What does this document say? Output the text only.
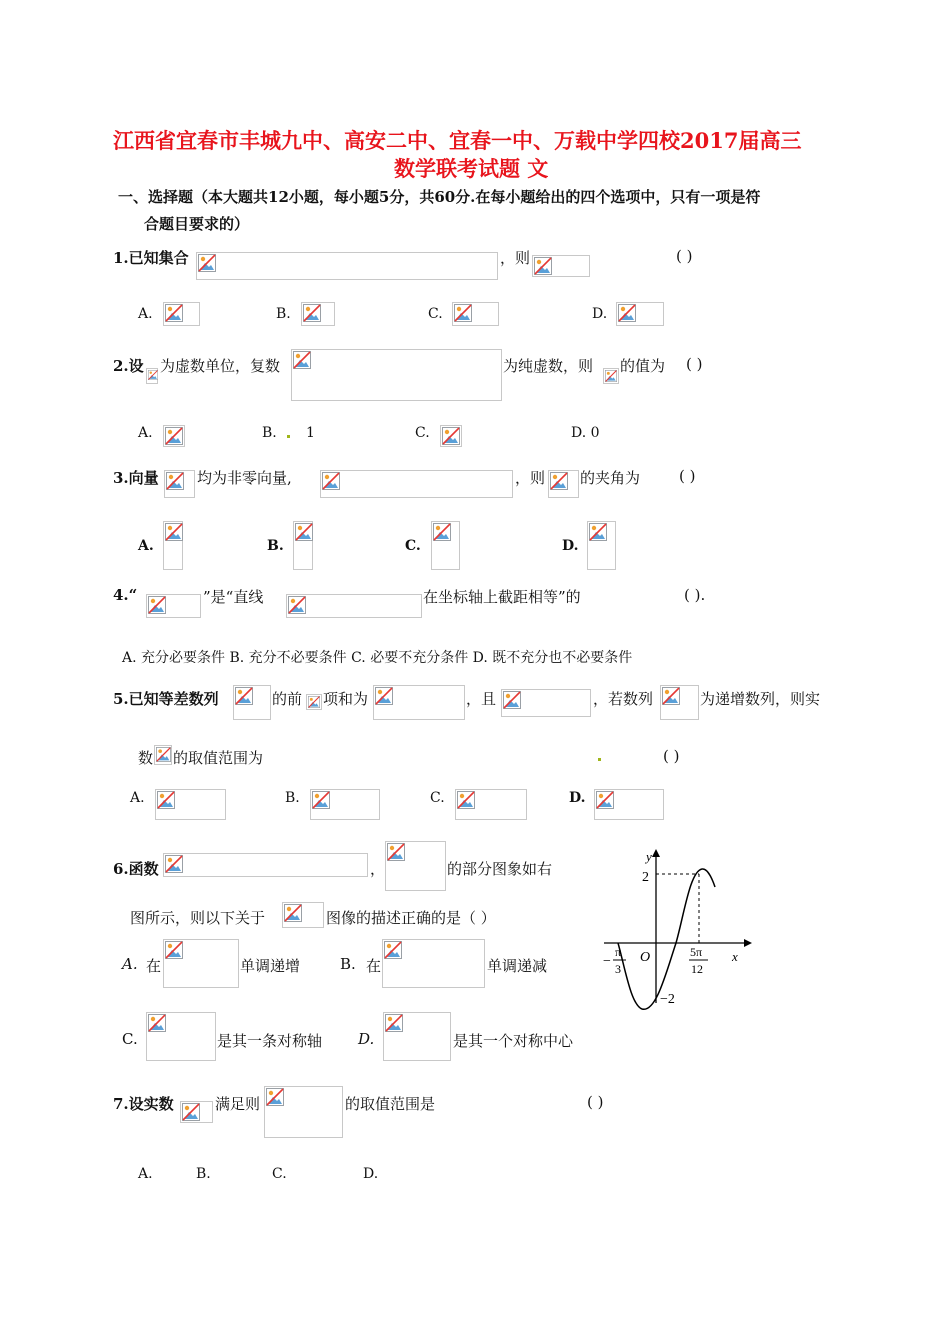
江西省宜春市丰城九中、高安二中、宜春一中、万载中学四校2017届高三
数学联考试题 文
一、选择题（本大题共12小题，每小题5分，共60分.在每小题给出的四个选项中，只有一项是符
合题目要求的）
1.已知集合	，则	( )
A.	B.	C.	D.
2.设 为虚数单位，复数	为纯虚数，则 的值为 ( )
A.	B. 1	C.	D. 0
3.向量	均为非零向量,	，则 的夹角为	( )
A.	B.	C.	D.
4.“	”是“直线	在坐标轴上截距相等”的	( ).
A. 充分必要条件 B. 充分不必要条件 C. 必要不充分条件 D. 既不充分也不必要条件
5.已知等差数列	的前 项和为	，且	，若数列	为递增数列，则实
数 的取值范围为	( )
A.	B.	C.	D.
6.函数	，	的部分图象如右
图所示，则以下关于	图像的描述正确的是（ ）
A. 在	单调递增	B. 在	单调递减
C.	是其一条对称轴 D.	是其一个对称中心
y
x
O
2
−2
−
π
3
5π
12
7.设实数	满足则	的取值范围是	( )
A.	B.	C.	D.
